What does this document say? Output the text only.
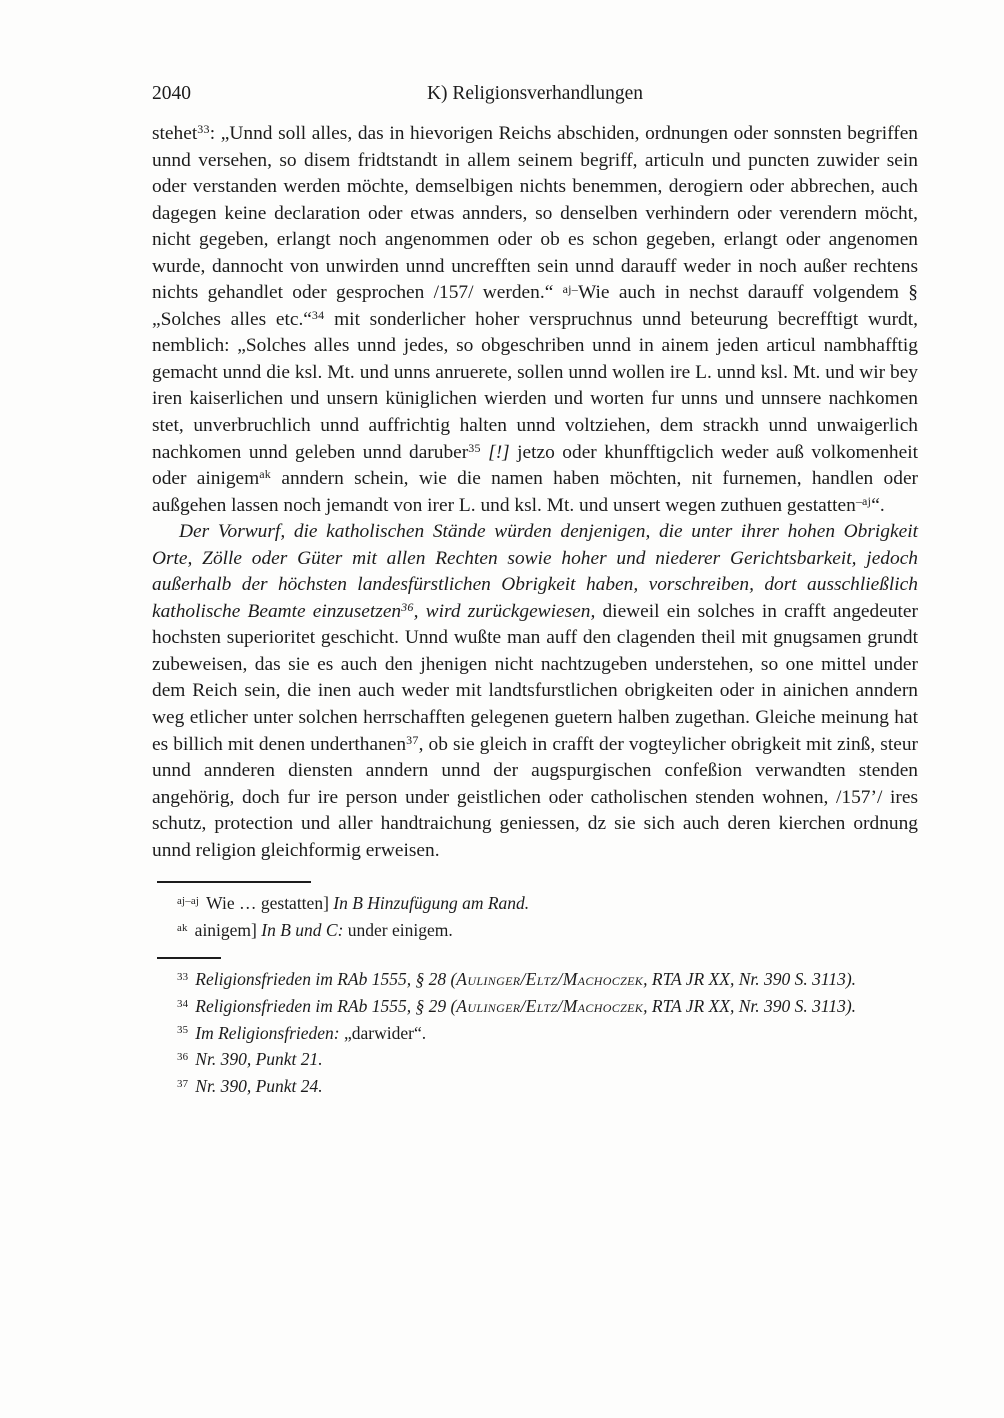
2040	K) Religionsverhandlungen

stehet$^{33}$: „Unnd soll alles, das in hievorigen Reichs abschiden, ordnungen oder sonnsten begriffen unnd versehen, so disem fridtstandt in allem seinem begriff, articuln und puncten zuwider sein oder verstanden werden möchte, demselbigen nichts benemmen, derogiern oder abbrechen, auch dagegen keine declaration oder etwas annders, so denselben verhindern oder verendern möcht, nicht gegeben, erlangt noch angenommen oder ob es schon gegeben, erlangt oder angenomen wurde, dannocht von unwirden unnd uncrefften sein unnd darauff weder in noch außer rechtens nichts gehandlet oder gesprochen /157/ werden.“ $^{aj-}$Wie auch in nechst darauff volgendem § „Solches alles etc.“$^{34}$ mit sonderlicher hoher verspruchnus unnd beteurung becrefftigt wurdt, nemblich: „Solches alles unnd jedes, so obgeschriben unnd in ainem jeden articul nambhafftig gemacht unnd die ksl. Mt. und unns anruerete, sollen unnd wollen ire L. unnd ksl. Mt. und wir bey iren kaiserlichen und unsern küniglichen wierden und worten fur unns und unnsere nachkomen stet, unverbruchlich unnd auffrichtig halten unnd voltziehen, dem strackh unnd unwaigerlich nachkomen unnd geleben unnd daruber$^{35}$ [!] jetzo oder khunfftigclich weder auß volkomenheit oder ainigem$^{ak}$ anndern schein, wie die namen haben möchten, nit furnemen, handlen oder außgehen lassen noch jemandt von irer L. und ksl. Mt. und unsert wegen zuthuen gestatten$^{-aj}$“.

Der Vorwurf, die katholischen Stände würden denjenigen, die unter ihrer hohen Obrigkeit Orte, Zölle oder Güter mit allen Rechten sowie hoher und niederer Gerichtsbarkeit, jedoch außerhalb der höchsten landesfürstlichen Obrigkeit haben, vorschreiben, dort ausschließlich katholische Beamte einzusetzen$^{36}$, wird zurückgewiesen, dieweil ein solches in crafft angedeuter hochsten superioritet geschicht. Unnd wußte man auff den clagenden theil mit gnugsamen grundt zubeweisen, das sie es auch den jhenigen nicht nachtzugeben understehen, so one mittel under dem Reich sein, die inen auch weder mit landtsfurstlichen obrigkeiten oder in ainichen anndern weg etlicher unter solchen herrschafften gelegenen guetern halben zugethan. Gleiche meinung hat es billich mit denen underthanen$^{37}$, ob sie gleich in crafft der vogteylicher obrigkeit mit zinß, steur unnd annderen diensten anndern unnd der augspurgischen confeßion verwandten stenden angehörig, doch fur ire person under geistlichen oder catholischen stenden wohnen, /157’/ ires schutz, protection und aller handtraichung geniessen, dz sie sich auch deren kierchen ordnung unnd religion gleichformig erweisen.

$^{aj-aj}$ Wie … gestatten] In B Hinzufügung am Rand.

$^{ak}$ ainigem] In B und C: under einigem.

$^{33}$ Religionsfrieden im RAb 1555, § 28 (Aulinger/Eltz/Machoczek, RTA JR XX, Nr. 390 S. 3113).

$^{34}$ Religionsfrieden im RAb 1555, § 29 (Aulinger/Eltz/Machoczek, RTA JR XX, Nr. 390 S. 3113).

$^{35}$ Im Religionsfrieden: „darwider“.

$^{36}$ Nr. 390, Punkt 21.

$^{37}$ Nr. 390, Punkt 24.
